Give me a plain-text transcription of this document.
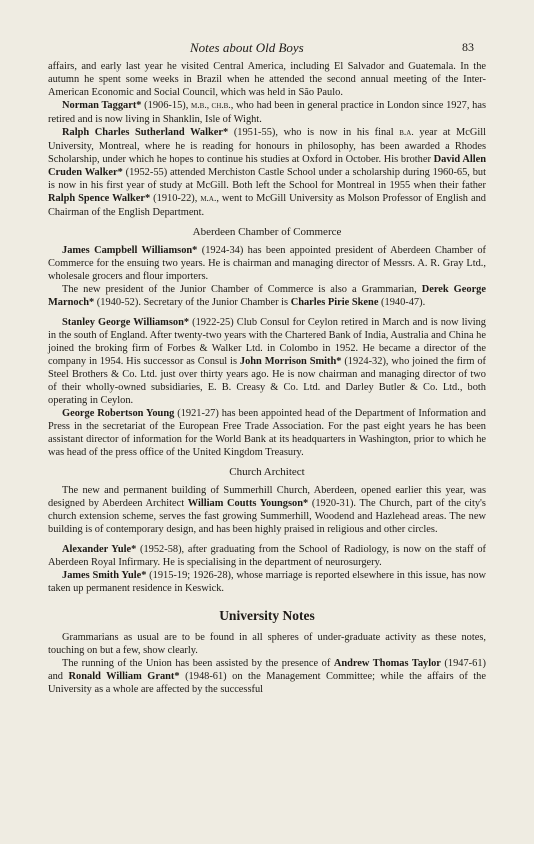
Notes about Old Boys	83

affairs, and early last year he visited Central America, including El Salvador and Guatemala. In the autumn he spent some weeks in Brazil when he attended the second annual meeting of the Inter-American Economic and Social Council, which was held in São Paulo.

Norman Taggart* (1906-15), m.b., ch.b., who had been in general practice in London since 1927, has retired and is now living in Shanklin, Isle of Wight.

Ralph Charles Sutherland Walker* (1951-55), who is now in his final b.a. year at McGill University, Montreal, where he is reading for honours in philosophy, has been awarded a Rhodes Scholarship, under which he hopes to continue his studies at Oxford in October. His brother David Allen Cruden Walker* (1952-55) attended Merchiston Castle School under a scholarship during 1960-65, but is now in his first year of study at McGill. Both left the School for Montreal in 1955 when their father Ralph Spence Walker* (1910-22), m.a., went to McGill University as Molson Professor of English and Chairman of the English Department.

Aberdeen Chamber of Commerce

James Campbell Williamson* (1924-34) has been appointed president of Aberdeen Chamber of Commerce for the ensuing two years. He is chairman and managing director of Messrs. A. R. Gray Ltd., wholesale grocers and flour importers.

The new president of the Junior Chamber of Commerce is also a Grammarian, Derek George Marnoch* (1940-52). Secretary of the Junior Chamber is Charles Pirie Skene (1940-47).

Stanley George Williamson* (1922-25) Club Consul for Ceylon retired in March and is now living in the south of England. After twenty-two years with the Chartered Bank of India, Australia and China he joined the broking firm of Forbes & Walker Ltd. in Colombo in 1952. He became a director of the company in 1954. His successor as Consul is John Morrison Smith* (1924-32), who joined the firm of Steel Brothers & Co. Ltd. just over thirty years ago. He is now chairman and managing director of two of their wholly-owned subsidiaries, E. B. Creasy & Co. Ltd. and Darley Butler & Co. Ltd., both operating in Ceylon.

George Robertson Young (1921-27) has been appointed head of the Department of Information and Press in the secretariat of the European Free Trade Association. For the past eight years he has been assistant director of information for the World Bank at its headquarters in Washington, prior to which he was head of the press office of the United Kingdom Treasury.

Church Architect

The new and permanent building of Summerhill Church, Aberdeen, opened earlier this year, was designed by Aberdeen Architect William Coutts Youngson* (1920-31). The Church, part of the city's church extension scheme, serves the fast growing Summerhill, Woodend and Hazlehead areas. The new building is of contemporary design, and has been highly praised in religious and other circles.

Alexander Yule* (1952-58), after graduating from the School of Radiology, is now on the staff of Aberdeen Royal Infirmary. He is specialising in the department of neurosurgery.

James Smith Yule* (1915-19; 1926-28), whose marriage is reported elsewhere in this issue, has now taken up permanent residence in Keswick.

University Notes

Grammarians as usual are to be found in all spheres of under-graduate activity as these notes, touching on but a few, show clearly.

The running of the Union has been assisted by the presence of Andrew Thomas Taylor (1947-61) and Ronald William Grant* (1948-61) on the Management Committee; while the affairs of the University as a whole are affected by the successful
